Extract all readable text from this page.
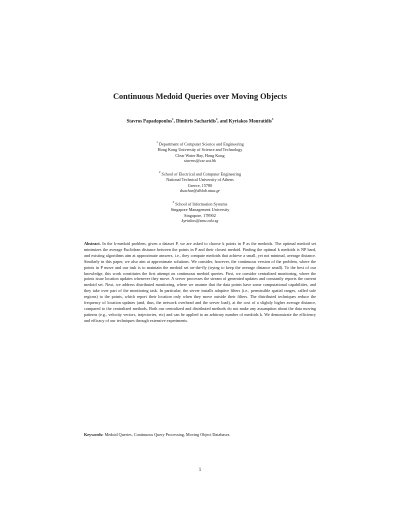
Continuous Medoid Queries over Moving Objects
Stavros Papadopoulos$^1$, Dimitris Sacharidis$^2$, and Kyriakos Mouratidis$^3$
$^1$ Department of Computer Science and Engineering
Hong Kong University of Science and Technology
Clear Water Bay, Hong Kong
stavros@cse.ust.hk
$^2$ School of Electrical and Computer Engineering
National Technical University of Athens
Greece, 15780
dsachar@dblab.ntua.gr
$^3$ School of Information Systems
Singapore Management University
Singapore, 178902
kyriakos@smu.edu.sg

Abstract. In the k-medoid problem, given a dataset P, we are asked to choose k points in P as the medoids. The optimal medoid set minimizes the average Euclidean distance between the points in P and their closest medoid. Finding the optimal k medoids is NP hard, and existing algorithms aim at approximate answers, i.e., they compute medoids that achieve a small, yet not minimal, average distance. Similarly in this paper, we also aim at approximate solutions. We consider, however, the continuous version of the problem, where the points in P move and our task is to maintain the medoid set on-the-fly (trying to keep the average distance small). To the best of our knowledge, this work constitutes the first attempt on continuous medoid queries. First, we consider centralized monitoring, where the points issue location updates whenever they move. A server processes the stream of generated updates and constantly reports the current medoid set. Next, we address distributed monitoring, where we assume that the data points have some computational capabilities, and they take over part of the monitoring task. In particular, the server installs adaptive filters (i.e., permissible spatial ranges, called safe regions) to the points, which report their location only when they move outside their filters. The distributed techniques reduce the frequency of location updates (and, thus, the network overhead and the server load), at the cost of a slightly higher average distance, compared to the centralized methods. Both our centralized and distributed methods do not make any assumption about the data moving patterns (e.g., velocity vectors, trajectories, etc) and can be applied to an arbitrary number of medoids k. We demonstrate the efficiency and efficacy of our techniques through extensive experiments.

Keywords: Medoid Queries, Continuous Query Processing, Moving Object Databases.

1
